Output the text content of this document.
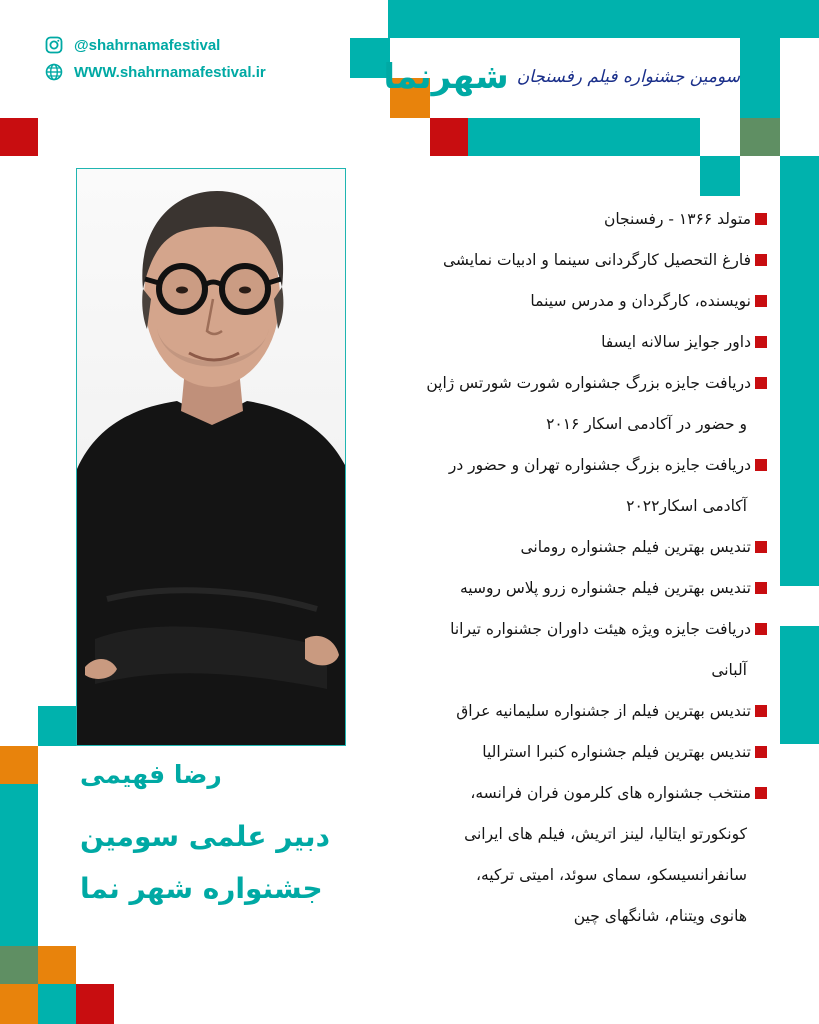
@shahrnamafestival
WWW.shahrnamafestival.ir	سومین جشنواره فیلم رفسنجان
شهرنما
متولد ۱۳۶۶ - رفسنجان
فارغ التحصیل کارگردانی سینما و ادبیات نمایشی
نویسنده، کارگردان و مدرس سینما
داور جوایز سالانه ایسفا
دریافت جایزه بزرگ جشنواره شورت شورتس ژاپن
و حضور در آکادمی اسکار ۲۰۱۶
دریافت جایزه بزرگ جشنواره تهران و حضور در
آکادمی اسکار۲۰۲۲
تندیس بهترین فیلم جشنواره رومانی
تندیس بهترین فیلم جشنواره زرو پلاس روسیه
دریافت جایزه ویژه هیئت داوران جشنواره تیرانا
آلبانی
تندیس بهترین فیلم از جشنواره سلیمانیه عراق
تندیس بهترین فیلم جشنواره کنبرا استرالیا
منتخب جشنواره های کلرمون فران فرانسه،
کونکورتو ایتالیا، لینز اتریش، فیلم های ایرانی
سانفرانسیسکو، سمای سوئد، امیتی ترکیه،
هانوی ویتنام، شانگهای چین
رضا فهیمی
دبیر علمی سومین
جشنواره شهر نما
